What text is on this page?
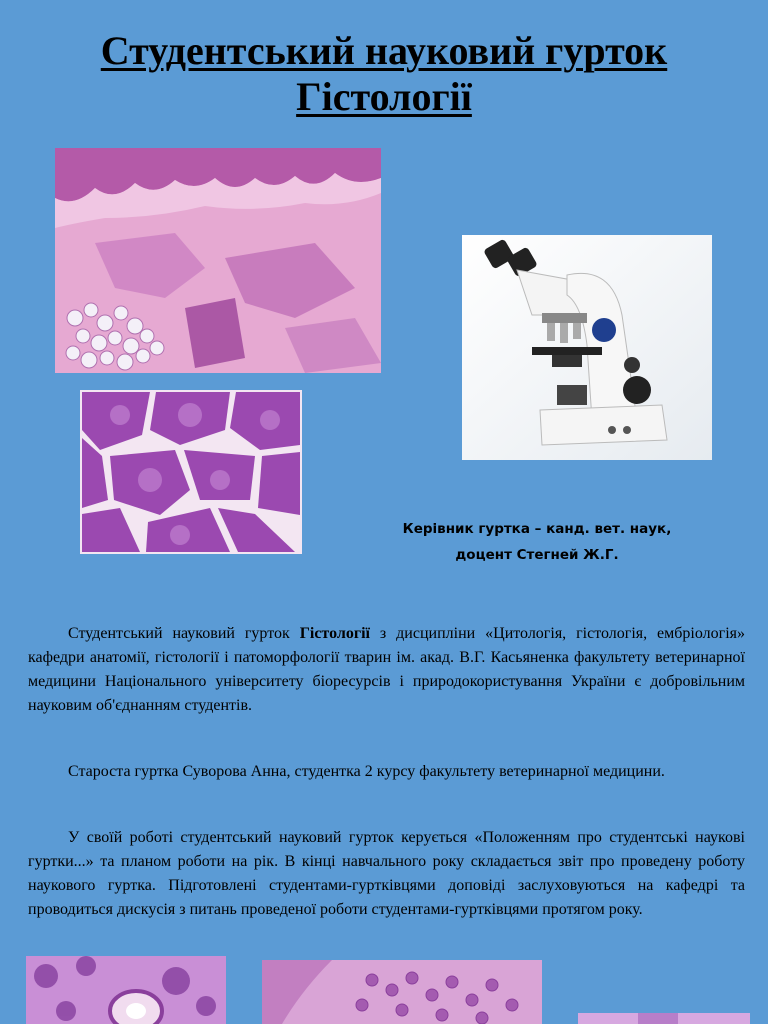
Студентський науковий гурток
Гістології
Керівник гуртка – канд. вет. наук,
доцент Стегней Ж.Г.

Студентський науковий гурток Гістології з дисципліни «Цитологія, гістологія, ембріологія» кафедри анатомії, гістології і патоморфології тварин ім. акад. В.Г. Касьяненка факультету ветеринарної медицини Національного університету біоресурсів і природокористування України є добровільним науковим об'єднанням студентів.

Староста гуртка Суворова Анна, студентка 2 курсу факультету ветеринарної медицини.

У своїй роботі студентський науковий гурток керується «Положенням про студентські наукові гуртки...» та планом роботи на рік. В кінці навчального року складається звіт про проведену роботу наукового гуртка. Підготовлені студентами-гуртківцями доповіді заслуховуються на кафедрі та проводиться дискусія з питань проведеної роботи студентами-гуртківцями протягом року.
